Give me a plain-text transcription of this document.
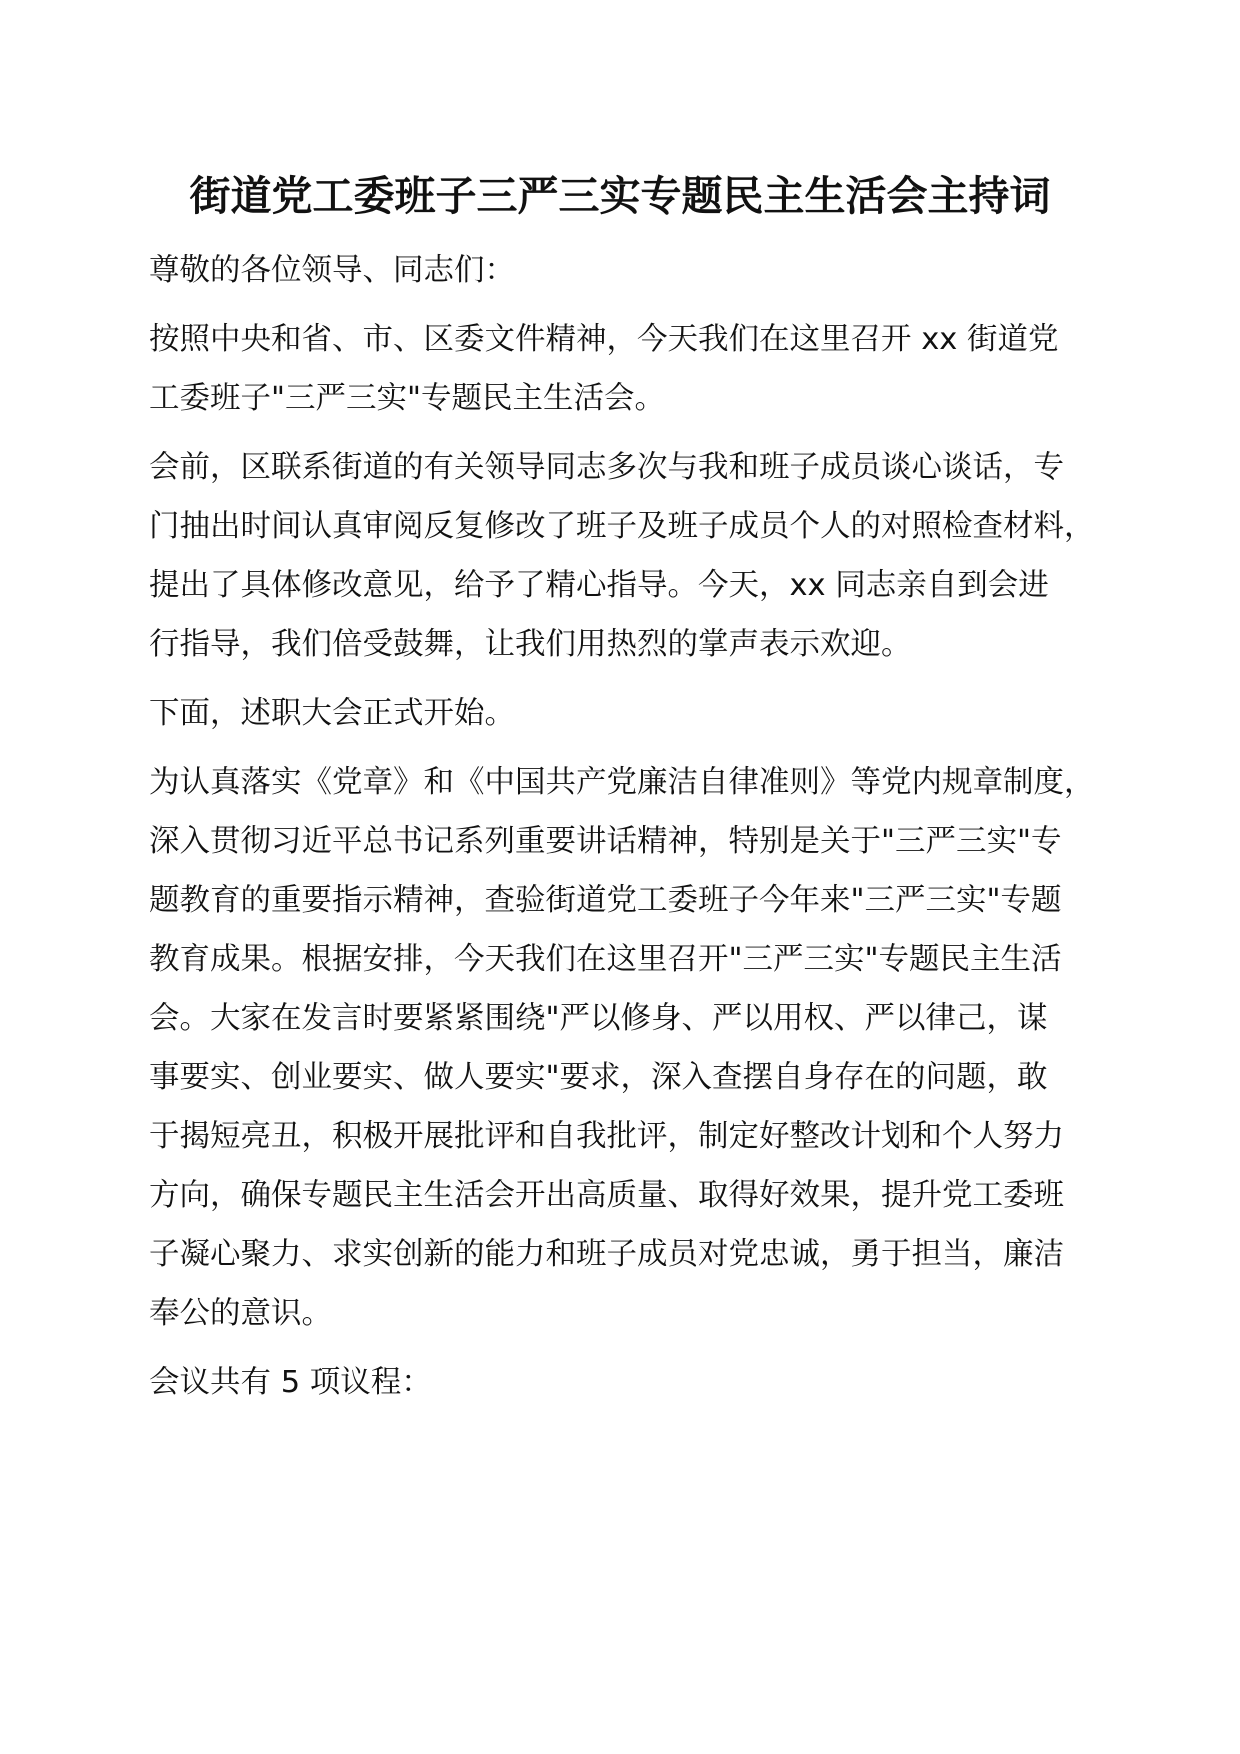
街道党工委班子三严三实专题民主生活会主持词

尊敬的各位领导、同志们：

按照中央和省、市、区委文件精神，今天我们在这里召开 xx 街道党

工委班子"三严三实"专题民主生活会。

会前，区联系街道的有关领导同志多次与我和班子成员谈心谈话，专

门抽出时间认真审阅反复修改了班子及班子成员个人的对照检查材料，

提出了具体修改意见，给予了精心指导。今天，xx 同志亲自到会进

行指导，我们倍受鼓舞，让我们用热烈的掌声表示欢迎。

下面，述职大会正式开始。

为认真落实《党章》和《中国共产党廉洁自律准则》等党内规章制度，

深入贯彻习近平总书记系列重要讲话精神，特别是关于"三严三实"专

题教育的重要指示精神，查验街道党工委班子今年来"三严三实"专题

教育成果。根据安排，今天我们在这里召开"三严三实"专题民主生活

会。大家在发言时要紧紧围绕"严以修身、严以用权、严以律己，谋

事要实、创业要实、做人要实"要求，深入查摆自身存在的问题，敢

于揭短亮丑，积极开展批评和自我批评，制定好整改计划和个人努力

方向，确保专题民主生活会开出高质量、取得好效果，提升党工委班

子凝心聚力、求实创新的能力和班子成员对党忠诚，勇于担当，廉洁

奉公的意识。

会议共有 5 项议程：
